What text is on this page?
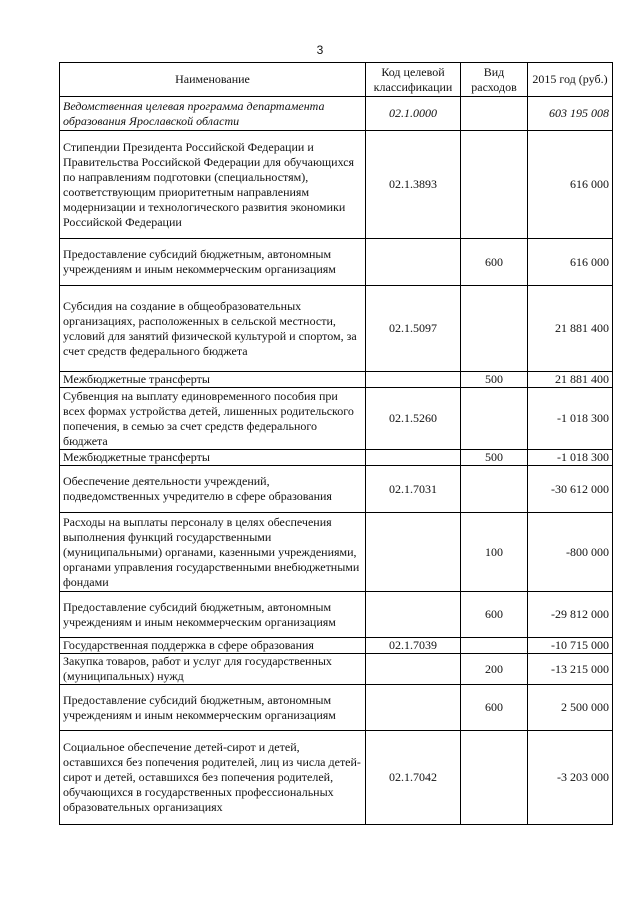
3
Наименование	Код целевой классификации	Вид расходов	2015 год (руб.)
Ведомственная целевая программа департамента образования Ярославской области	02.1.0000		603 195 008
Стипендии Президента Российской Федерации и Правительства Российской Федерации для обучающихся по направлениям подготовки (специальностям), соответствующим приоритетным направлениям модернизации и технологического развития экономики Российской Федерации	02.1.3893		616 000
Предоставление субсидий бюджетным, автономным учреждениям и иным некоммерческим организациям		600	616 000
Субсидия на создание в общеобразовательных организациях, расположенных в сельской местности, условий для занятий физической культурой и спортом, за счет средств федерального бюджета	02.1.5097		21 881 400
Межбюджетные трансферты		500	21 881 400
Субвенция на выплату единовременного пособия при всех формах устройства детей, лишенных родительского попечения, в семью за счет средств федерального бюджета	02.1.5260		-1 018 300
Межбюджетные трансферты		500	-1 018 300
Обеспечение деятельности учреждений, подведомственных учредителю в сфере образования	02.1.7031		-30 612 000
Расходы на выплаты персоналу в целях обеспечения выполнения функций государственными (муниципальными) органами, казенными учреждениями, органами управления государственными внебюджетными фондами		100	-800 000
Предоставление субсидий бюджетным, автономным учреждениям и иным некоммерческим организациям		600	-29 812 000
Государственная поддержка в сфере образования	02.1.7039		-10 715 000
Закупка товаров, работ и услуг для государственных (муниципальных) нужд		200	-13 215 000
Предоставление субсидий бюджетным, автономным учреждениям и иным некоммерческим организациям		600	2 500 000
Социальное обеспечение детей-сирот и детей, оставшихся без попечения родителей, лиц из числа детей-сирот и детей, оставшихся без попечения родителей, обучающихся в государственных профессиональных образовательных организациях	02.1.7042		-3 203 000
